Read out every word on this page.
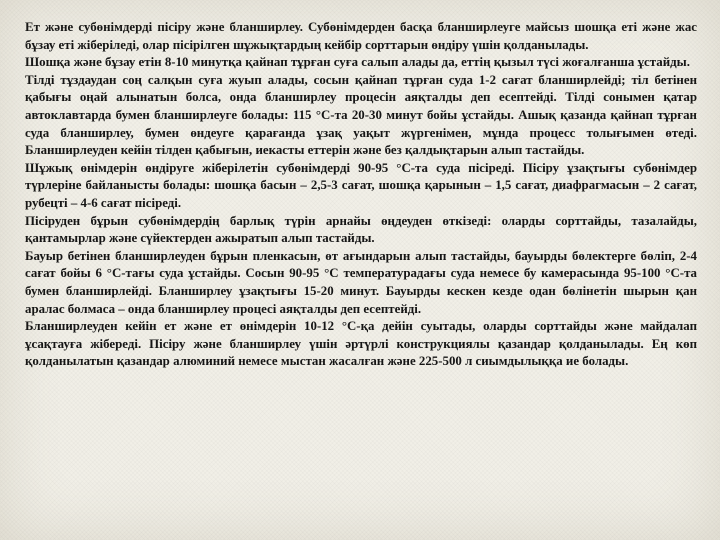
Ет және субөнімдерді пісіру және бланширлеу. Субөнімдерден басқа бланширлеуге майсыз шошқа еті және жас бұзау еті жіберіледі, олар пісірілген шұжықтардың кейбір сорттарын өндіру үшін қолданылады.

Шошқа және бұзау етін 8-10 минутқа қайнап тұрған суға салып алады да, еттің қызыл түсі жоғалғанша ұстайды.

Тілді тұздаудан соң салқын суға жуып алады, сосын қайнап тұрған суда 1-2 сағат бланширлейді; тіл бетінен қабығы оңай алынатын болса, онда бланширлеу процесін аяқталды деп есептейді. Тілді сонымен қатар автоклавтарда бумен бланширлеуге болады: 115 °С-та 20-30 минут бойы ұстайды. Ашық қазанда қайнап тұрған суда бланширлеу, бумен өндеуге қарағанда ұзақ уақыт жүргенімен, мұнда процесс толығымен өтеді. Бланширлеуден кейін тілден қабығын, иекасты еттерін және без қалдықтарын алып тастайды.

Шұжық өнімдерін өндіруге жіберілетін субөнімдерді 90-95 °С-та суда пісіреді. Пісіру ұзақтығы субөнімдер түрлеріне байланысты болады: шошқа басын – 2,5-3 сағат, шошқа қарынын – 1,5 сағат, диафрагмасын – 2 сағат, рубецті – 4-6 сағат пісіреді.

Пісіруден бұрын субөнімдердің барлық түрін арнайы өңдеуден өткізеді: оларды сорттайды, тазалайды, қантамырлар және сүйектерден ажыратып алып тастайды.

Бауыр бетінен бланширлеуден бұрын пленкасын, өт ағындарын алып тастайды, бауырды бөлектерге бөліп, 2-4 сағат бойы 6 °С-тағы суда ұстайды. Сосын 90-95 °С температурадағы суда немесе бу камерасында 95-100 °С-та бумен бланширлейді. Бланширлеу ұзақтығы 15-20 минут. Бауырды кескен кезде одан бөлінетін шырын қан аралас болмаса – онда бланширлеу процесі аяқталды деп есептейді.

Бланширлеуден кейін ет және ет өнімдерін 10-12 °С-қа дейін суытады, оларды сорттайды және майдалап ұсақтауға жібереді. Пісіру және бланширлеу үшін әртүрлі конструкциялы қазандар қолданылады. Ең көп қолданылатын қазандар алюминий немесе мыстан жасалған және 225-500 л сиымдылыққа ие болады.
